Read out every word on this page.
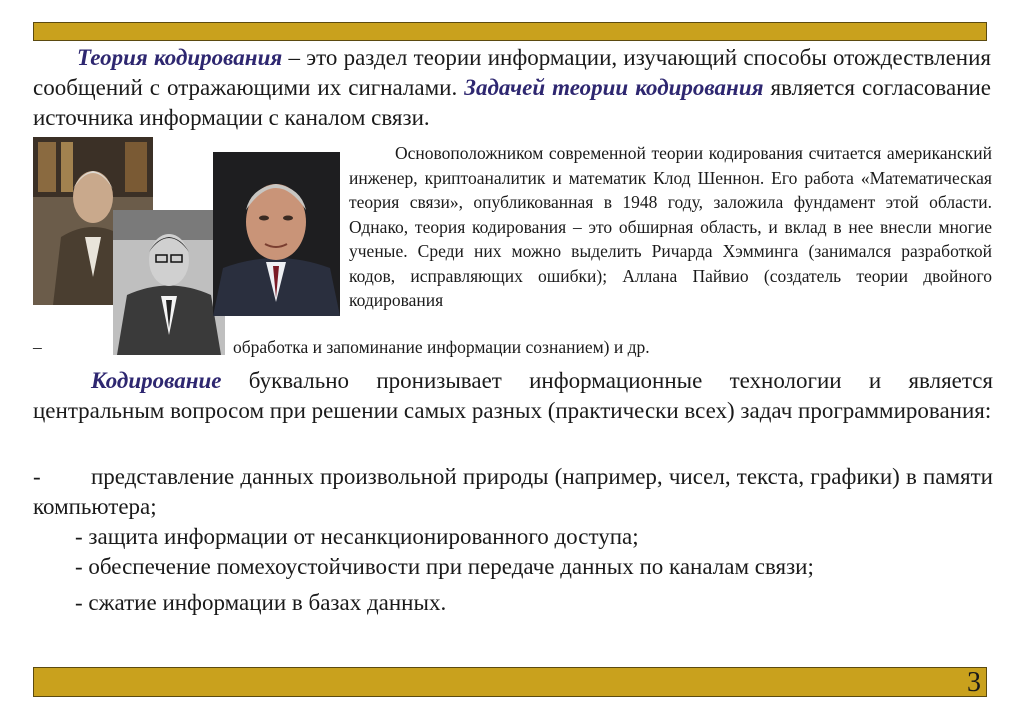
Теория кодирования – это раздел теории информации, изучающий способы отождествления сообщений с отражающими их сигналами. Задачей теории кодирования является согласование источника информации с каналом связи.
Основоположником современной теории кодирования считается американский инженер, криптоаналитик и математик Клод Шеннон. Его работа «Математическая теория связи», опубликованная в 1948 году, заложила фундамент этой области. Однако, теория кодирования – это обширная область, и вклад в нее внесли многие ученые. Среди них можно выделить Ричарда Хэмминга (занимался разработкой кодов, исправляющих ошибки); Аллана Пайвио (создатель теории двойного кодирования
–	обработка и запоминание информации сознанием) и др.
Кодирование буквально пронизывает информационные технологии и является центральным вопросом при решении самых разных (практически всех) задач программирования:
- представление данных произвольной природы (например, чисел, текста, графики) в памяти компьютера;
- защита информации от несанкционированного доступа;
- обеспечение помехоустойчивости при передаче данных по каналам связи;
- сжатие информации в базах данных.
3
